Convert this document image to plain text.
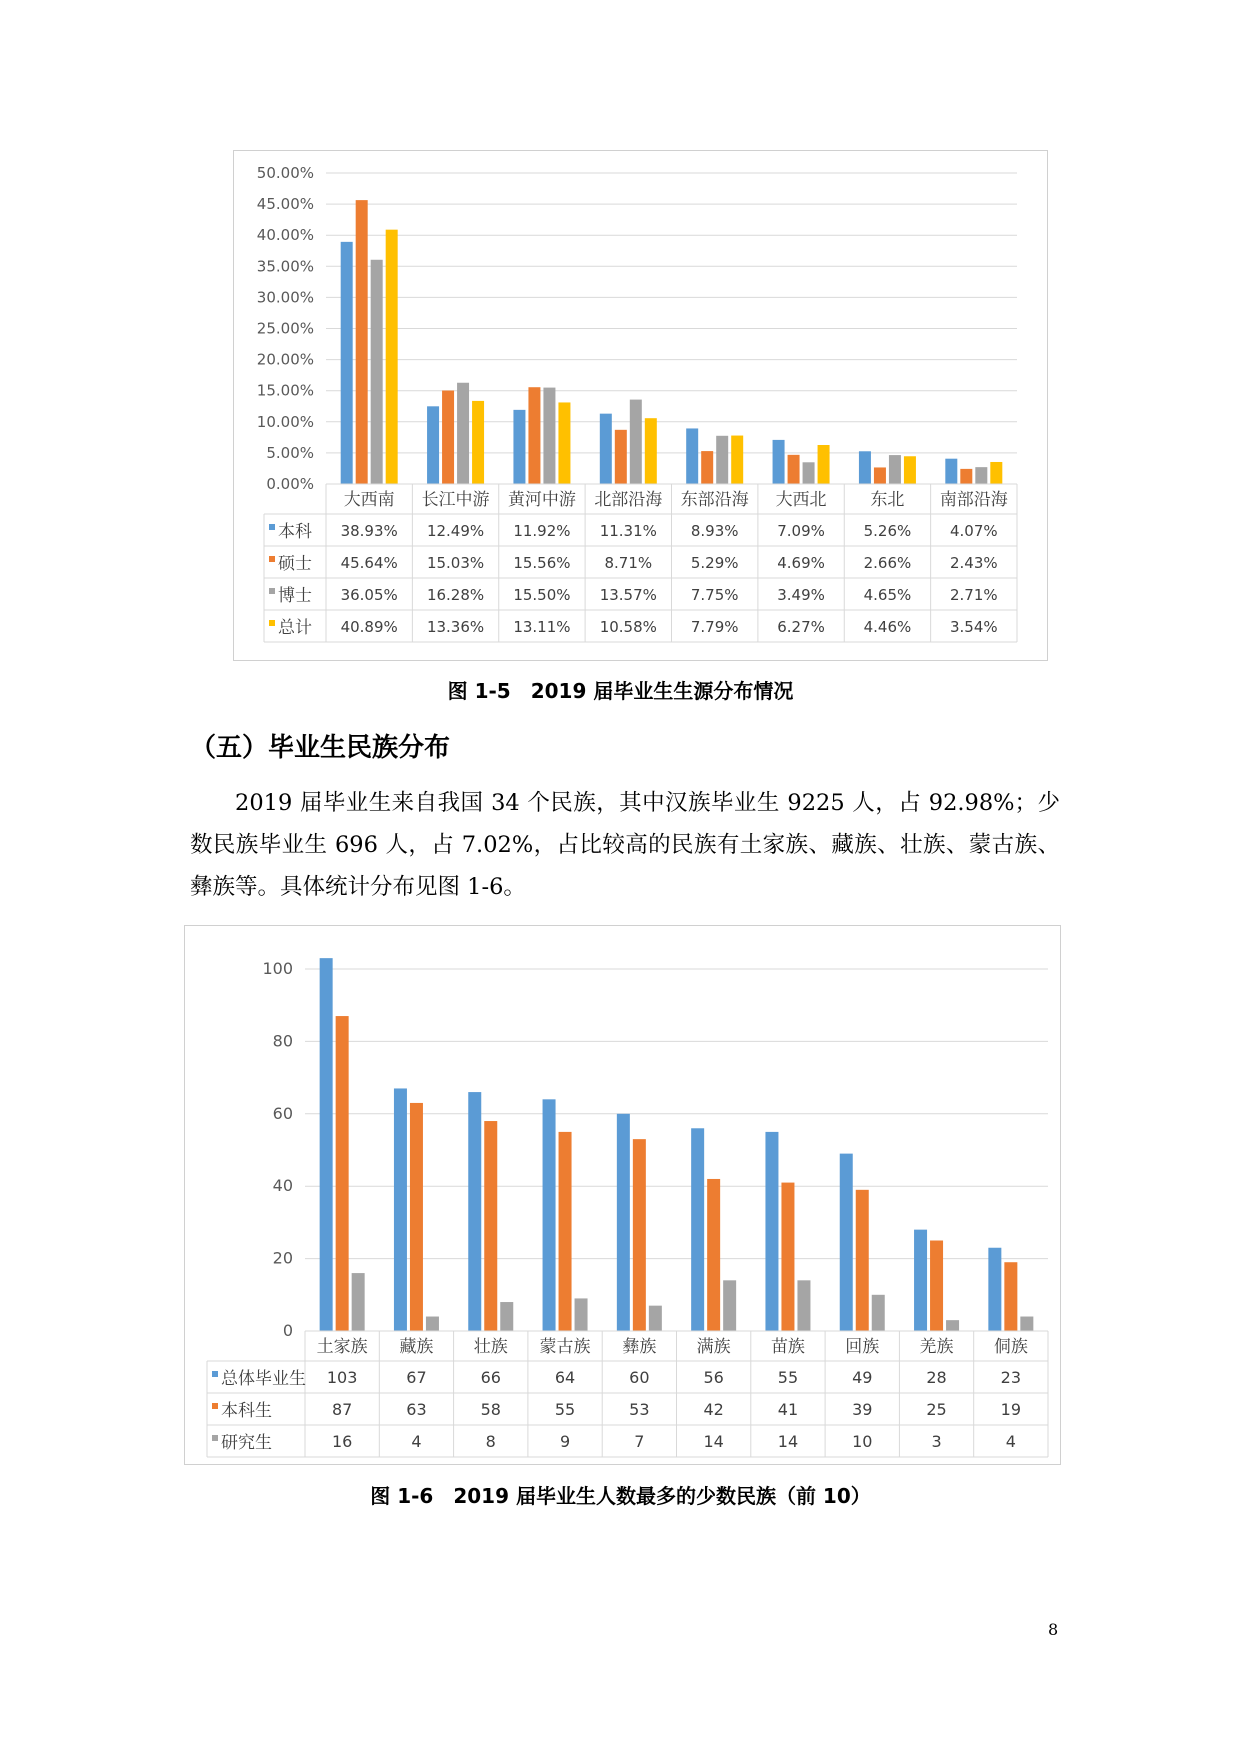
0.00%
5.00%
10.00%
15.00%
20.00%
25.00%
30.00%
35.00%
40.00%
45.00%
50.00%
大西南 长江中游 黄河中游 北部沿海 东部沿海 大西北	东北 南部沿海
本科 38.93% 12.49% 11.92% 11.31% 8.93%	7.09%	5.26%	4.07%
硕士 45.64% 15.03% 15.56% 8.71%	5.29%	4.69%	2.66%	2.43%
博士 36.05% 16.28% 15.50% 13.57% 7.75%	3.49%	4.65%	2.71%
总计 40.89% 13.36% 13.11% 10.58% 7.79%	6.27%	4.46%	3.54%
图 1-5　2019 届毕业生生源分布情况
（五）毕业生民族分布
2019 届毕业生来自我国 34 个民族，其中汉族毕业生 9225 人，占 92.98%；少数民族毕业生 696 人，占 7.02%，占比较高的民族有土家族、藏族、壮族、蒙古族、彝族等。具体统计分布见图 1-6。
0
20
40
60
80
100
土家族 藏族 壮族 蒙古族 彝族 满族 苗族 回族 羌族 侗族
总体毕业生 103	67	66	64	60	56	55	49	28	23
本科生	87	63	58	55	53	42	41	39	25	19
研究生	16	4	8	9	7	14	14	10	3	4
图 1-6　2019 届毕业生人数最多的少数民族（前 10）
8
